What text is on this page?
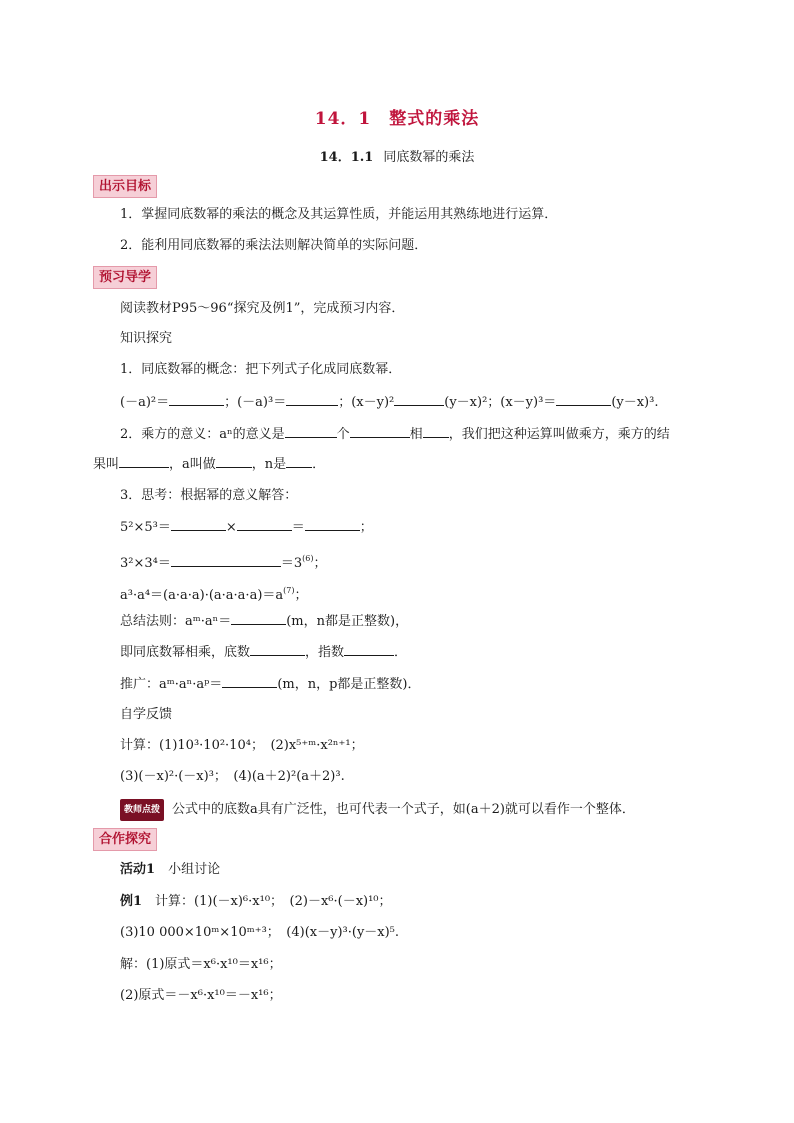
14．1　整式的乘法
14．1.1 同底数幂的乘法
出示目标
1．掌握同底数幂的乘法的概念及其运算性质，并能运用其熟练地进行运算．
2．能利用同底数幂的乘法法则解决简单的实际问题．
预习导学
阅读教材P95～96“探究及例1”，完成预习内容．
知识探究
1．同底数幂的概念：把下列式子化成同底数幂．
(－a)²＝	；(－a)³＝	；(x－y)²	(y－x)²；(x－y)³＝	(y－x)³.
2．乘方的意义：aⁿ的意义是	个	相 ，我们把这种运算叫做乘方，乘方的结
果叫	，a叫做	，n是 ．
3．思考：根据幂的意义解答：
5²×5³＝	×	＝	；
3²×3⁴＝	$=3^{(6)}$；
$a^3\cdot a^4=(a\cdot a\cdot a)\cdot(a\cdot a\cdot a\cdot a)=a^{(7)}$；
总结法则：aᵐ·aⁿ＝	(m，n都是正整数)，
即同底数幂相乘，底数	，指数	．
推广：aᵐ·aⁿ·aᵖ＝	(m，n，p都是正整数)．
自学反馈
计算：(1)10³·10²·10⁴；　(2)x⁵⁺ᵐ·x²ⁿ⁺¹；
(3)(－x)²·(－x)³；　(4)(a＋2)²(a＋2)³.
教师点拨 公式中的底数a具有广泛性，也可代表一个式子，如(a＋2)就可以看作一个整体．
合作探究
活动1　 小组讨论
例1　计算：(1)(－x)⁶·x¹⁰；　(2)－x⁶·(－x)¹⁰；
(3)10 000×10ᵐ×10ᵐ⁺³；　(4)(x－y)³·(y－x)⁵.
解：(1)原式＝x⁶·x¹⁰＝x¹⁶；
(2)原式＝－x⁶·x¹⁰＝－x¹⁶；
